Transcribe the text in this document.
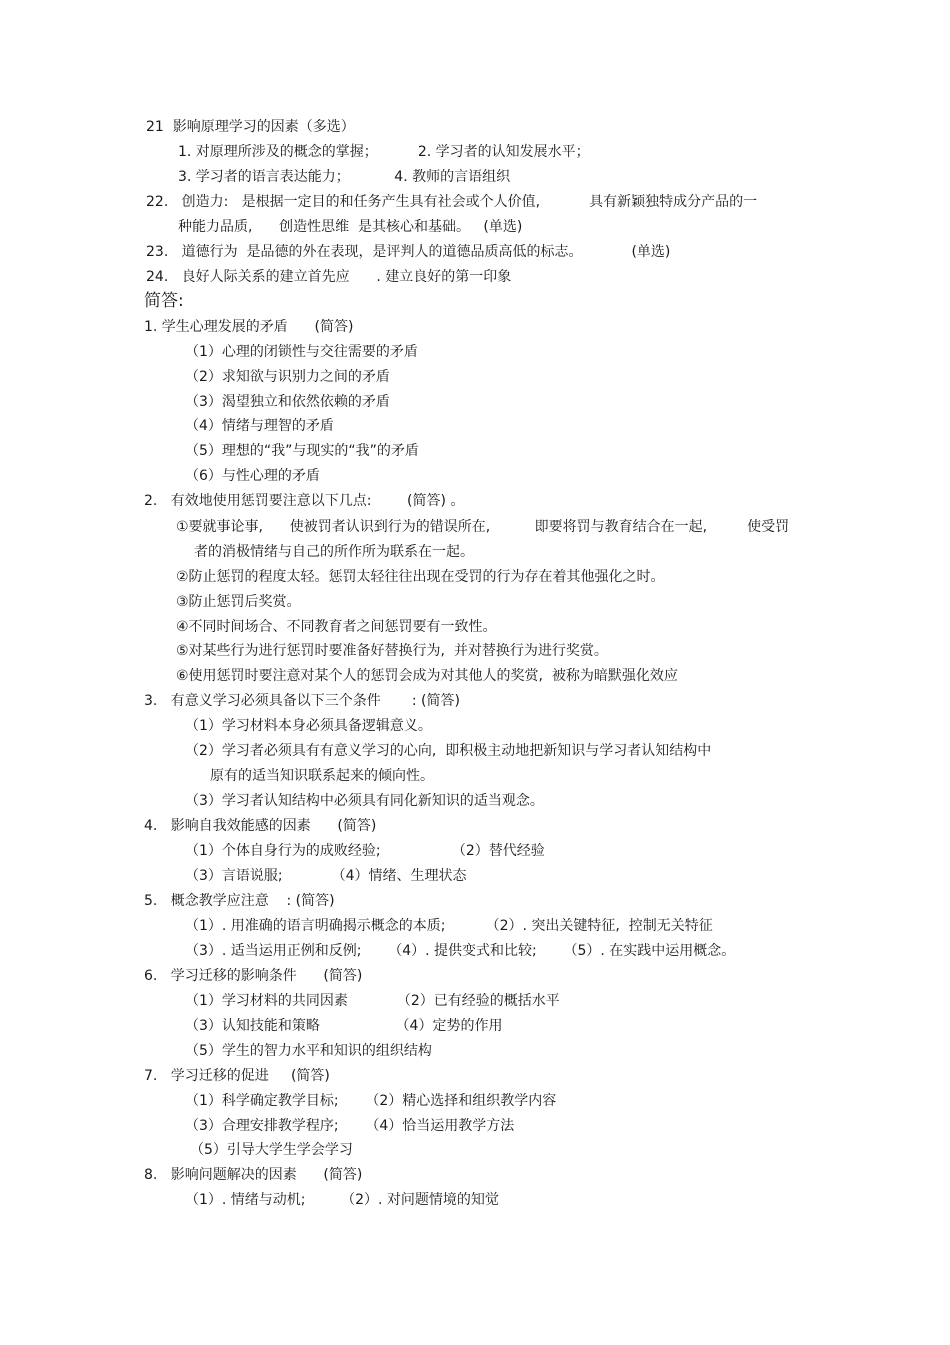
21  影响原理学习的因素（多选）
1. 对原理所涉及的概念的掌握；         2. 学习者的认知发展水平；
3. 学习者的语言表达能力；          4. 教师的言语组织
22.   创造力:   是根据一定目的和任务产生具有社会或个人价值,           具有新颖独特成分产品的一
种能力品质,      创造性思维  是其核心和基础。   (单选)
23.   道德行为  是品德的外在表现，是评判人的道德品质高低的标志。           (单选)
24.   良好人际关系的建立首先应      . 建立良好的第一印象
简答:
1. 学生心理发展的矛盾      (简答)
（1）心理的闭锁性与交往需要的矛盾
（2）求知欲与识别力之间的矛盾
（3）渴望独立和依然依赖的矛盾
（4）情绪与理智的矛盾
（5）理想的“我”与现实的“我”的矛盾
（6）与性心理的矛盾
2.   有效地使用惩罚要注意以下几点:        (简答) 。
①要就事论事,      使被罚者认识到行为的错误所在,          即要将罚与教育结合在一起,         使受罚
者的消极情绪与自己的所作所为联系在一起。
②防止惩罚的程度太轻。惩罚太轻往往出现在受罚的行为存在着其他强化之时。
③防止惩罚后奖赏。
④不同时间场合、不同教育者之间惩罚要有一致性。
⑤对某些行为进行惩罚时要准备好替换行为,  并对替换行为进行奖赏。
⑥使用惩罚时要注意对某个人的惩罚会成为对其他人的奖赏,  被称为暗默强化效应
3.   有意义学习必须具备以下三个条件       : (简答)
（1）学习材料本身必须具备逻辑意义。
（2）学习者必须具有有意义学习的心向,  即积极主动地把新知识与学习者认知结构中
原有的适当知识联系起来的倾向性。
（3）学习者认知结构中必须具有同化新知识的适当观念。
4.   影响自我效能感的因素      (简答)
（1）个体自身行为的成败经验;                （2）替代经验
（3）言语说服;           （4）情绪、生理状态
5.   概念教学应注意    : (简答)
（1）. 用准确的语言明确揭示概念的本质;         （2）. 突出关键特征,  控制无关特征
（3）. 适当运用正例和反例;      （4）. 提供变式和比较;      （5）. 在实践中运用概念。
6.   学习迁移的影响条件      (简答)
（1）学习材料的共同因素           （2）已有经验的概括水平
（3）认知技能和策略                 （4）定势的作用
（5）学生的智力水平和知识的组织结构
7.   学习迁移的促进     (简答)
（1）科学确定教学目标;      （2）精心选择和组织教学内容
（3）合理安排教学程序;      （4）恰当运用教学方法
（5）引导大学生学会学习
8.   影响问题解决的因素      (简答)
（1）. 情绪与动机;        （2）. 对问题情境的知觉
